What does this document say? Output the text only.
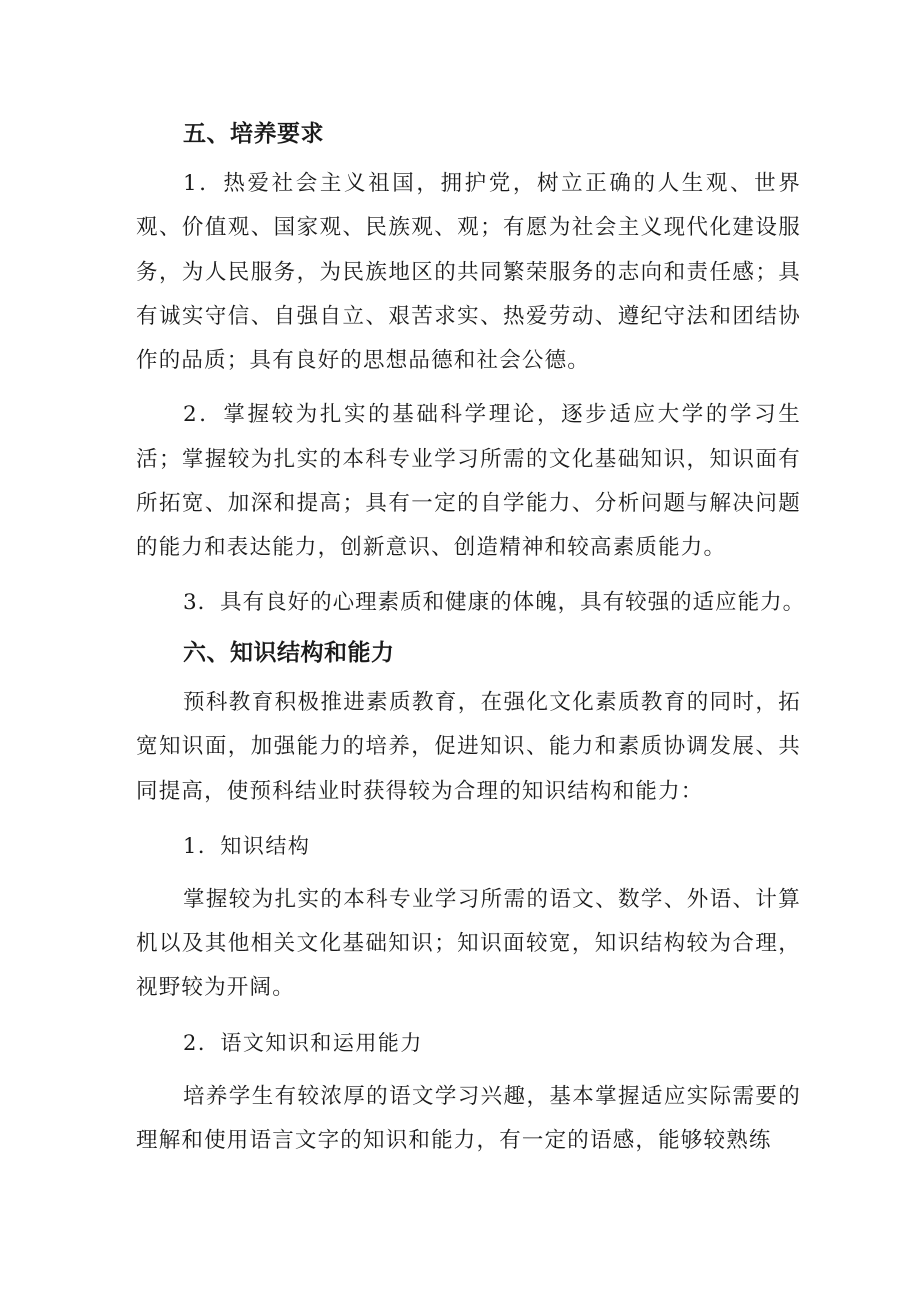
五、培养要求

1．热爱社会主义祖国，拥护党，树立正确的人生观、世界观、价值观、国家观、民族观、观；有愿为社会主义现代化建设服务，为人民服务，为民族地区的共同繁荣服务的志向和责任感；具有诚实守信、自强自立、艰苦求实、热爱劳动、遵纪守法和团结协作的品质；具有良好的思想品德和社会公德。

2．掌握较为扎实的基础科学理论，逐步适应大学的学习生活；掌握较为扎实的本科专业学习所需的文化基础知识，知识面有所拓宽、加深和提高；具有一定的自学能力、分析问题与解决问题的能力和表达能力，创新意识、创造精神和较高素质能力。

3．具有良好的心理素质和健康的体魄，具有较强的适应能力。

六、知识结构和能力

预科教育积极推进素质教育，在强化文化素质教育的同时，拓宽知识面，加强能力的培养，促进知识、能力和素质协调发展、共同提高，使预科结业时获得较为合理的知识结构和能力：

1．知识结构

掌握较为扎实的本科专业学习所需的语文、数学、外语、计算机以及其他相关文化基础知识；知识面较宽，知识结构较为合理，视野较为开阔。

2．语文知识和运用能力

培养学生有较浓厚的语文学习兴趣，基本掌握适应实际需要的理解和使用语言文字的知识和能力，有一定的语感，能够较熟练
